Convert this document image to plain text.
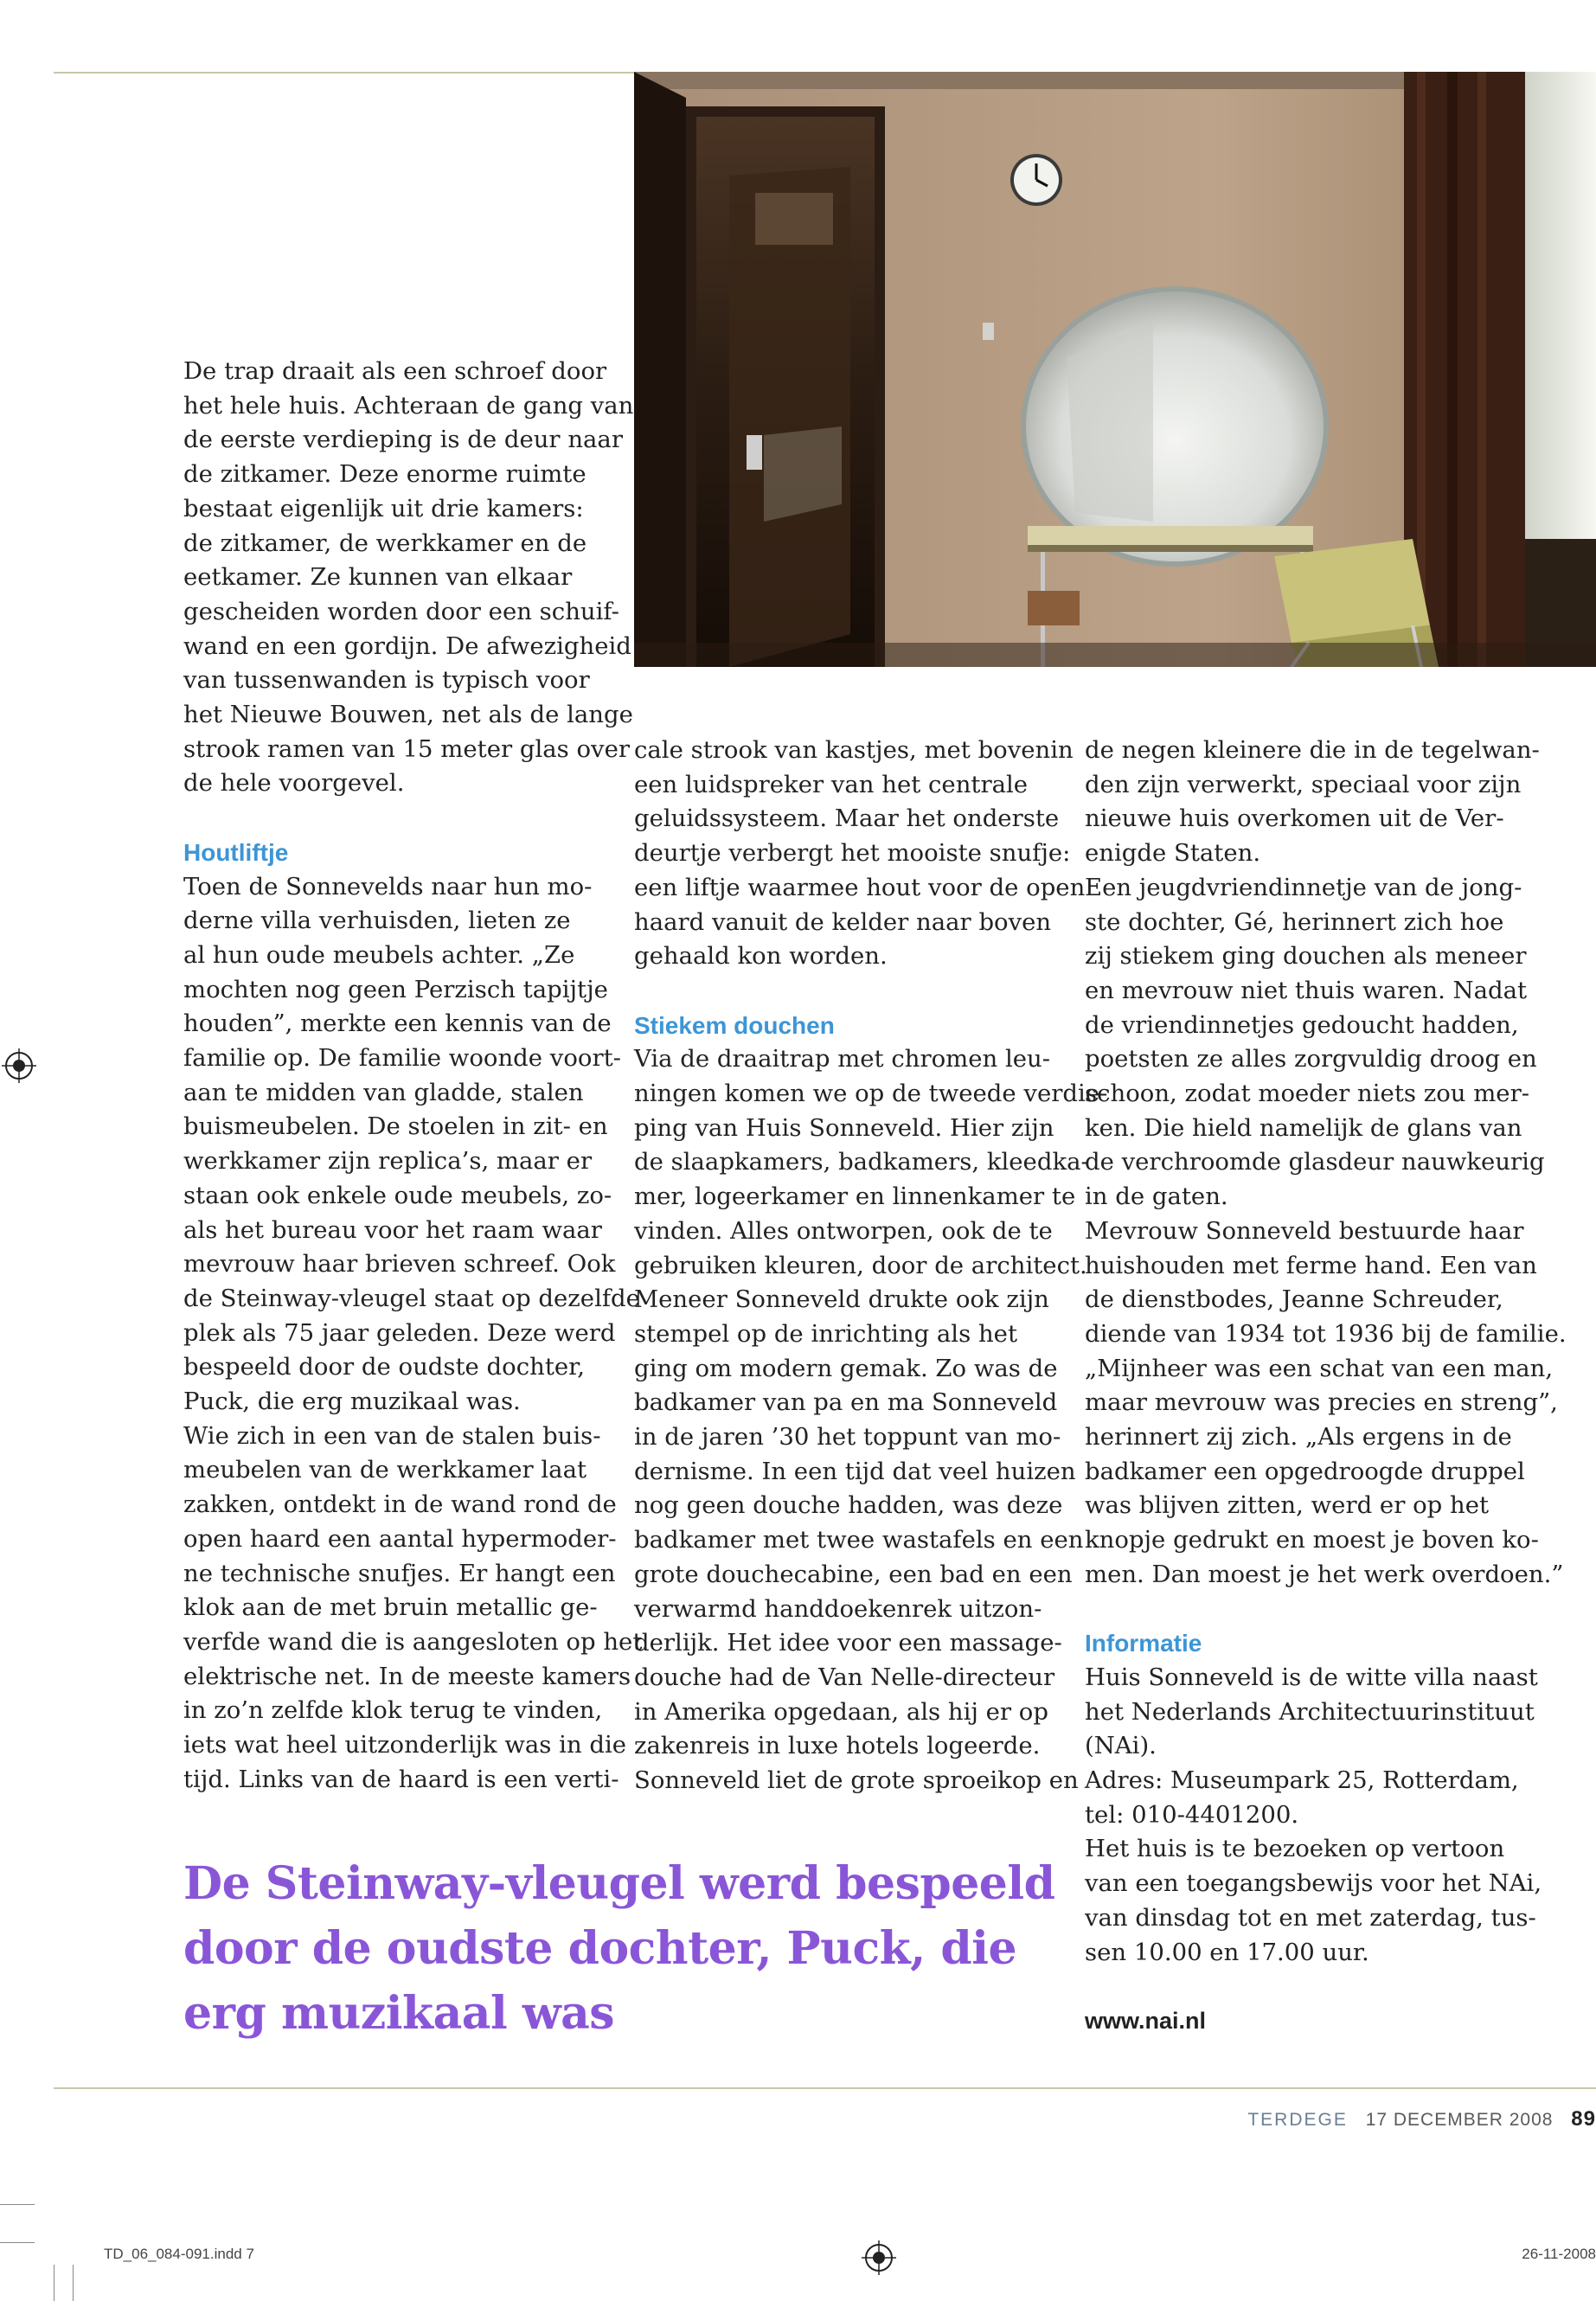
De trap draait als een schroef door

het hele huis. Achteraan de gang van

de eerste verdieping is de deur naar

de zitkamer. Deze enorme ruimte

bestaat eigenlijk uit drie kamers:

de zitkamer, de werkkamer en de

eetkamer. Ze kunnen van elkaar

gescheiden worden door een schuif-

wand en een gordijn. De afwezigheid

van tussenwanden is typisch voor

het Nieuwe Bouwen, net als de lange

strook ramen van 15 meter glas over

de hele voorgevel.

Houtliftje

Toen de Sonnevelds naar hun mo-

derne villa verhuisden, lieten ze

al hun oude meubels achter. „Ze

mochten nog geen Perzisch tapijtje

houden”, merkte een kennis van de

familie op. De familie woonde voort-

aan te midden van gladde, stalen

buismeubelen. De stoelen in zit- en

werkkamer zijn replica’s, maar er

staan ook enkele oude meubels, zo-

als het bureau voor het raam waar

mevrouw haar brieven schreef. Ook

de Steinway-vleugel staat op dezelfde

plek als 75 jaar geleden. Deze werd

bespeeld door de oudste dochter,

Puck, die erg muzikaal was.

Wie zich in een van de stalen buis-

meubelen van de werkkamer laat

zakken, ontdekt in de wand rond de

open haard een aantal hypermoder-

ne technische snufjes. Er hangt een

klok aan de met bruin metallic ge-

verfde wand die is aangesloten op het

elektrische net. In de meeste kamers

in zo’n zelfde klok terug te vinden,

iets wat heel uitzonderlijk was in die

tijd. Links van de haard is een verti-

cale strook van kastjes, met bovenin

een luidspreker van het centrale

geluidssysteem. Maar het onderste

deurtje verbergt het mooiste snufje:

een liftje waarmee hout voor de open

haard vanuit de kelder naar boven

gehaald kon worden.

Stiekem douchen

Via de draaitrap met chromen leu-

ningen komen we op de tweede verdie-

ping van Huis Sonneveld. Hier zijn

de slaapkamers, badkamers, kleedka-

mer, logeerkamer en linnenkamer te

vinden. Alles ontworpen, ook de te

gebruiken kleuren, door de architect.

Meneer Sonneveld drukte ook zijn

stempel op de inrichting als het

ging om modern gemak. Zo was de

badkamer van pa en ma Sonneveld

in de jaren ’30 het toppunt van mo-

dernisme. In een tijd dat veel huizen

nog geen douche hadden, was deze

badkamer met twee wastafels en een

grote douchecabine, een bad en een

verwarmd handdoekenrek uitzon-

derlijk. Het idee voor een massage-

douche had de Van Nelle-directeur

in Amerika opgedaan, als hij er op

zakenreis in luxe hotels logeerde.

Sonneveld liet de grote sproeikop en

de negen kleinere die in de tegelwan-

den zijn verwerkt, speciaal voor zijn

nieuwe huis overkomen uit de Ver-

enigde Staten.

Een jeugdvriendinnetje van de jong-

ste dochter, Gé, herinnert zich hoe

zij stiekem ging douchen als meneer

en mevrouw niet thuis waren. Nadat

de vriendinnetjes gedoucht hadden,

poetsten ze alles zorgvuldig droog en

schoon, zodat moeder niets zou mer-

ken. Die hield namelijk de glans van

de verchroomde glasdeur nauwkeurig

in de gaten.

Mevrouw Sonneveld bestuurde haar

huishouden met ferme hand. Een van

de dienstbodes, Jeanne Schreuder,

diende van 1934 tot 1936 bij de familie.

„Mijnheer was een schat van een man,

maar mevrouw was precies en streng”,

herinnert zij zich. „Als ergens in de

badkamer een opgedroogde druppel

was blijven zitten, werd er op het

knopje gedrukt en moest je boven ko-

men. Dan moest je het werk overdoen.”

Informatie

Huis Sonneveld is de witte villa naast

het Nederlands Architectuurinstituut

(NAi).

Adres: Museumpark 25, Rotterdam,

tel: 010-4401200.

Het huis is te bezoeken op vertoon

van een toegangsbewijs voor het NAi,

van dinsdag tot en met zaterdag, tus-

sen 10.00 en 17.00 uur.

www.nai.nl

De Steinway-vleugel werd bespeeld

door de oudste dochter, Puck, die

erg muzikaal was

TERDEGE 17 DECEMBER 2008 89
TD_06_084-091.indd 7	26-11-2008
